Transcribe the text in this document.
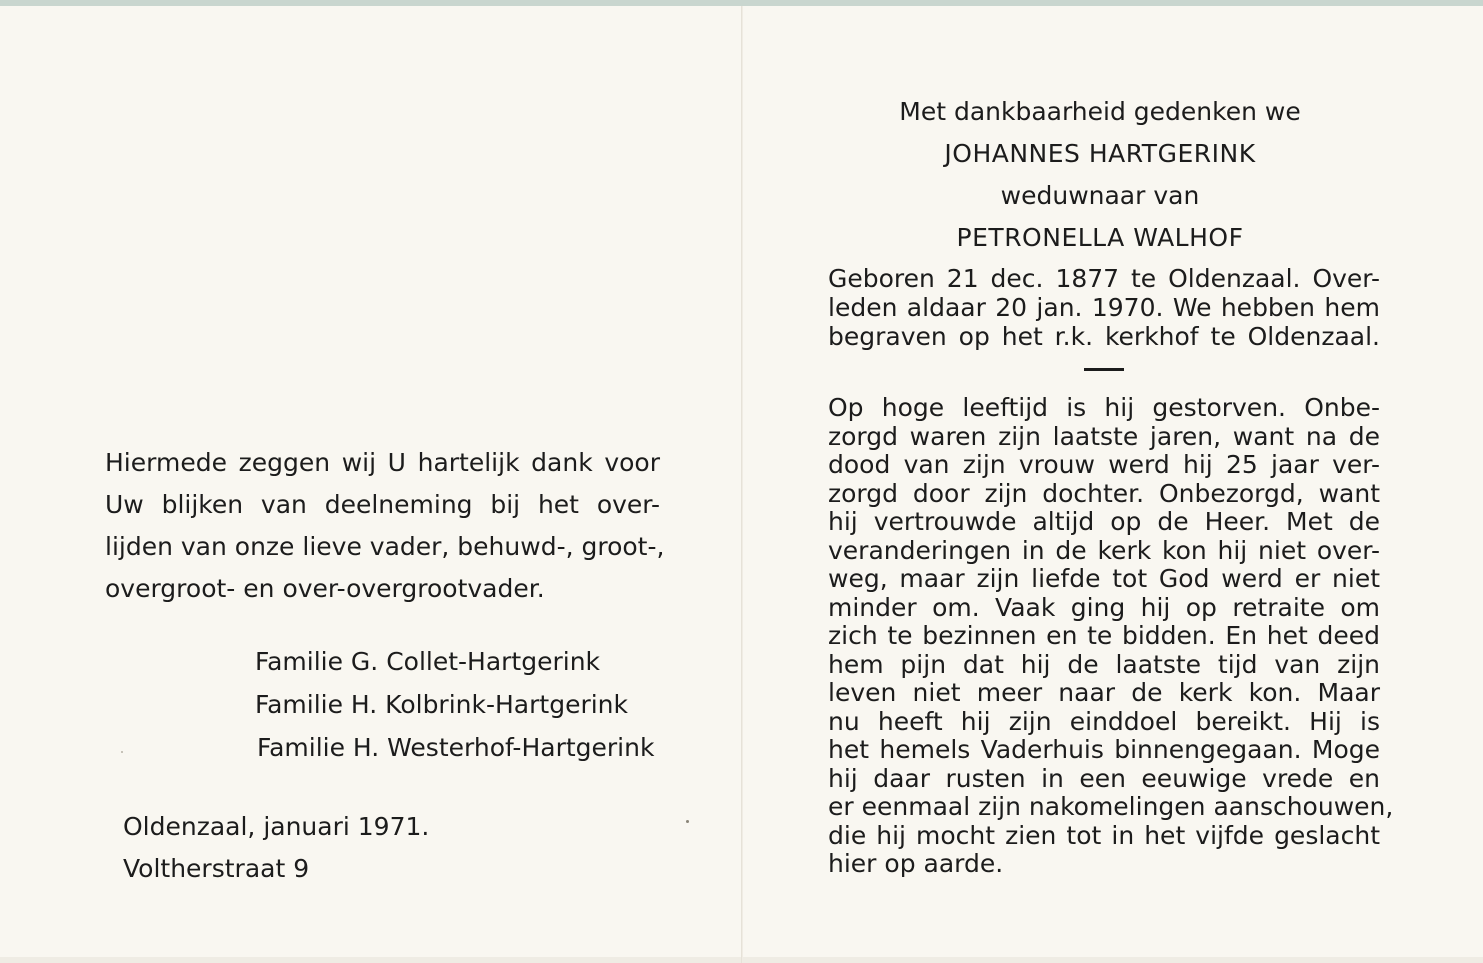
Hiermede zeggen wij U hartelijk dank voor
Uw blijken van deelneming bij het over-
lijden van onze lieve vader, behuwd-, groot-,
overgroot- en over-overgrootvader.
Familie G. Collet-Hartgerink
Familie H. Kolbrink-Hartgerink
Familie H. Westerhof-Hartgerink
Oldenzaal, januari 1971.
Voltherstraat 9
Met dankbaarheid gedenken we
JOHANNES HARTGERINK
weduwnaar van
PETRONELLA WALHOF
Geboren 21 dec. 1877 te Oldenzaal. Over-
leden aldaar 20 jan. 1970. We hebben hem
begraven op het r.k. kerkhof te Oldenzaal.
Op hoge leeftijd is hij gestorven. Onbe-
zorgd waren zijn laatste jaren, want na de
dood van zijn vrouw werd hij 25 jaar ver-
zorgd door zijn dochter. Onbezorgd, want
hij vertrouwde altijd op de Heer. Met de
veranderingen in de kerk kon hij niet over-
weg, maar zijn liefde tot God werd er niet
minder om. Vaak ging hij op retraite om
zich te bezinnen en te bidden. En het deed
hem pijn dat hij de laatste tijd van zijn
leven niet meer naar de kerk kon. Maar
nu heeft hij zijn einddoel bereikt. Hij is
het hemels Vaderhuis binnengegaan. Moge
hij daar rusten in een eeuwige vrede en
er eenmaal zijn nakomelingen aanschouwen,
die hij mocht zien tot in het vijfde geslacht
hier op aarde.
